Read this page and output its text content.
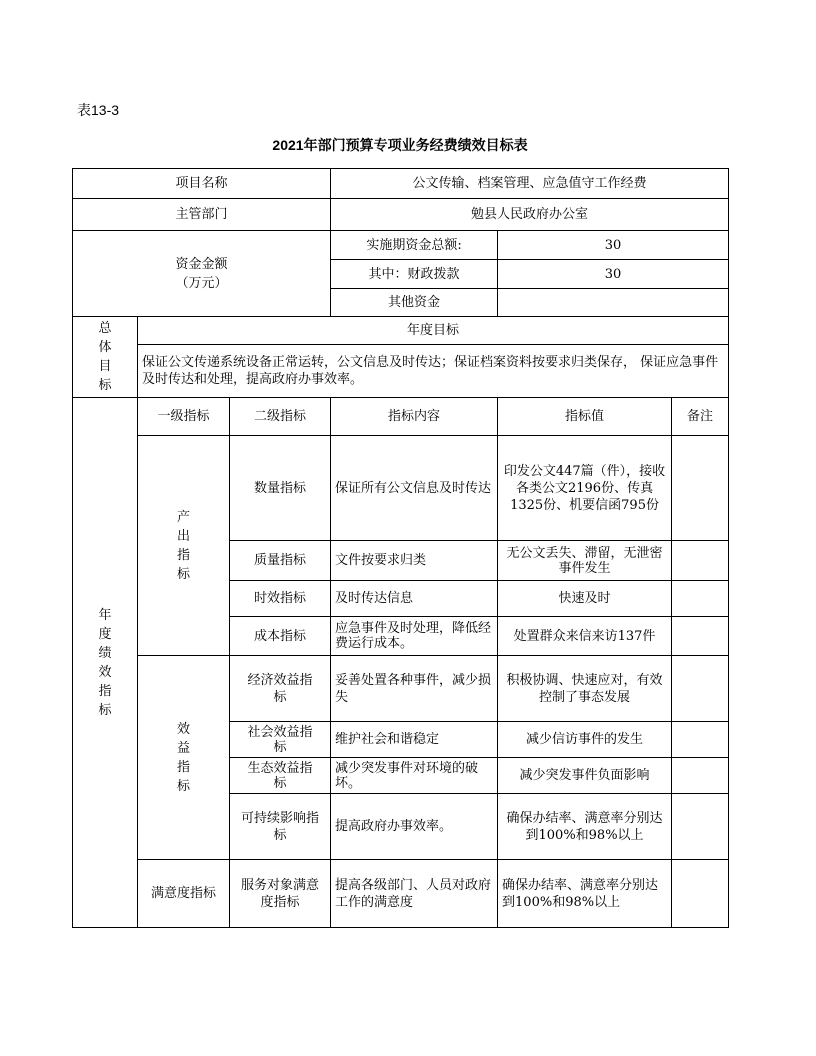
表13-3
2021年部门预算专项业务经费绩效目标表
项目名称			公文传输、档案管理、应急值守工作经费		
主管部门			勉县人民政府办公室		

资金金额（万元）			实施期资金总额:	30	
			其中：财政拨款	30	
			其他资金		

总体目标	年度目标				
	保证公文传递系统设备正常运转，公文信息及时传达；保证档案资料按要求归类保存， 保证应急事件及时传达和处理，提高政府办事效率。				

年度绩效指标	一级指标	二级指标	指标内容	指标值	备注

	产出指标	数量指标	保证所有公文信息及时传达	印发公文447篇（件），接收各类公文2196份、传真1325份、机要信函795份	
		质量指标	文件按要求归类	无公文丢失、滞留，无泄密事件发生	
		时效指标	及时传达信息	快速及时	
		成本指标	应急事件及时处理，降低经费运行成本。	处置群众来信来访137件	

	效益指标	经济效益指标	妥善处置各种事件，减少损失	积极协调、快速应对，有效控制了事态发展	

		社会效益指标	维护社会和谐稳定	减少信访事件的发生	

		生态效益指标	减少突发事件对环境的破坏。	减少突发事件负面影响	

		可持续影响指标	提高政府办事效率。	确保办结率、满意率分别达到100%和98%以上	
	满意度指标	服务对象满意度指标	提高各级部门、人员对政府工作的满意度	确保办结率、满意率分别达到100%和98%以上	
